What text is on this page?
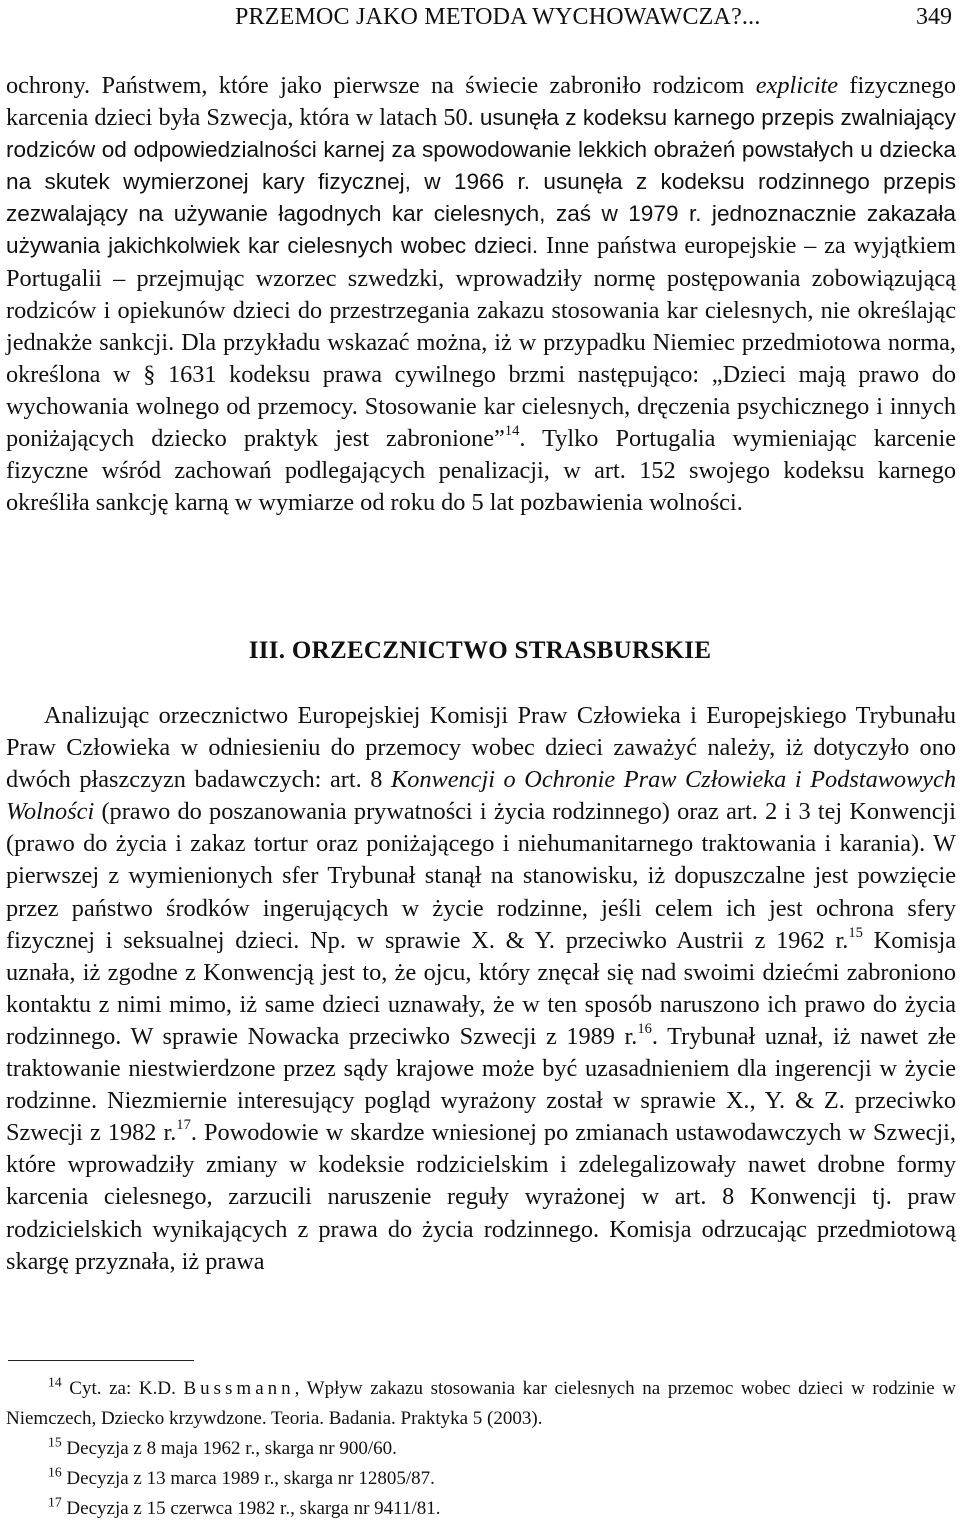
PRZEMOC JAKO METODA WYCHOWAWCZA?...	349

ochrony. Państwem, które jako pierwsze na świecie zabroniło rodzicom explicite fizycznego karcenia dzieci była Szwecja, która w latach 50. usunęła z kodeksu karnego przepis zwalniający rodziców od odpowiedzialności karnej za spowodowanie lekkich obrażeń powstałych u dziecka na skutek wymierzonej kary fizycznej, w 1966 r. usunęła z kodeksu rodzinnego przepis zezwalający na używanie łagodnych kar cielesnych, zaś w 1979 r. jednoznacznie zakazała używania jakichkolwiek kar cielesnych wobec dzieci. Inne państwa europejskie – za wyjątkiem Portugalii – przejmując wzorzec szwedzki, wprowadziły normę postępowania zobowiązującą rodziców i opiekunów dzieci do przestrzegania zakazu stosowania kar cielesnych, nie określając jednakże sankcji. Dla przykładu wskazać można, iż w przypadku Niemiec przedmiotowa norma, określona w § 1631 kodeksu prawa cywilnego brzmi następująco: „Dzieci mają prawo do wychowania wolnego od przemocy. Stosowanie kar cielesnych, dręczenia psychicznego i innych poniżających dziecko praktyk jest zabronione”$^{14}$. Tylko Portugalia wymieniając karcenie fizyczne wśród zachowań podlegających penalizacji, w art. 152 swojego kodeksu karnego określiła sankcję karną w wymiarze od roku do 5 lat pozbawienia wolności.

III. ORZECZNICTWO STRASBURSKIE

Analizując orzecznictwo Europejskiej Komisji Praw Człowieka i Europejskiego Trybunału Praw Człowieka w odniesieniu do przemocy wobec dzieci zaważyć należy, iż dotyczyło ono dwóch płaszczyzn badawczych: art. 8 Konwencji o Ochronie Praw Człowieka i Podstawowych Wolności (prawo do poszanowania prywatności i życia rodzinnego) oraz art. 2 i 3 tej Konwencji (prawo do życia i zakaz tortur oraz poniżającego i niehumanitarnego traktowania i karania). W pierwszej z wymienionych sfer Trybunał stanął na stanowisku, iż dopuszczalne jest powzięcie przez państwo środków ingerujących w życie rodzinne, jeśli celem ich jest ochrona sfery fizycznej i seksualnej dzieci. Np. w sprawie X. & Y. przeciwko Austrii z 1962 r.$^{15}$ Komisja uznała, iż zgodne z Konwencją jest to, że ojcu, który znęcał się nad swoimi dziećmi zabroniono kontaktu z nimi mimo, iż same dzieci uznawały, że w ten sposób naruszono ich prawo do życia rodzinnego. W sprawie Nowacka przeciwko Szwecji z 1989 r.$^{16}$. Trybunał uznał, iż nawet złe traktowanie niestwierdzone przez sądy krajowe może być uzasadnieniem dla ingerencji w życie rodzinne. Niezmiernie interesujący pogląd wyrażony został w sprawie X., Y. & Z. przeciwko Szwecji z 1982 r.$^{17}$. Powodowie w skardze wniesionej po zmianach ustawodawczych w Szwecji, które wprowadziły zmiany w kodeksie rodzicielskim i zdelegalizowały nawet drobne formy karcenia cielesnego, zarzucili naruszenie reguły wyrażonej w art. 8 Konwencji tj. praw rodzicielskich wynikających z prawa do życia rodzinnego. Komisja odrzucając przedmiotową skargę przyznała, iż prawa

$^{14}$ Cyt. za: K.D. Bussmann, Wpływ zakazu stosowania kar cielesnych na przemoc wobec dzieci w rodzinie w Niemczech, Dziecko krzywdzone. Teoria. Badania. Praktyka 5 (2003).

$^{15}$ Decyzja z 8 maja 1962 r., skarga nr 900/60.

$^{16}$ Decyzja z 13 marca 1989 r., skarga nr 12805/87.

$^{17}$ Decyzja z 15 czerwca 1982 r., skarga nr 9411/81.
